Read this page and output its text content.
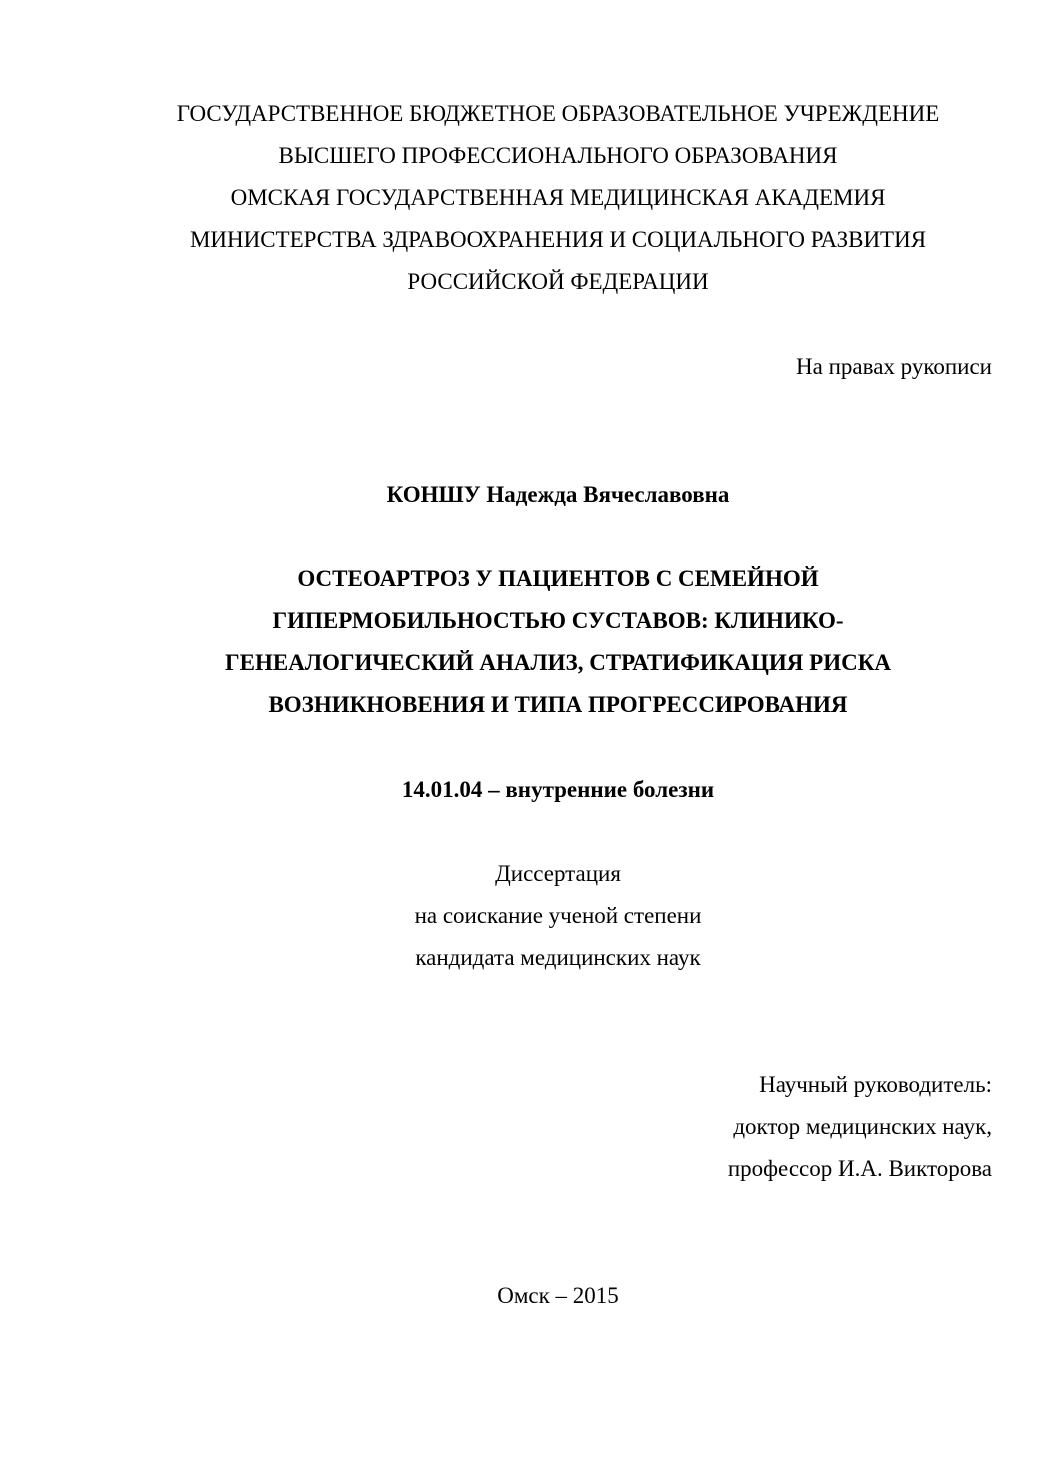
ГОСУДАРСТВЕННОЕ БЮДЖЕТНОЕ ОБРАЗОВАТЕЛЬНОЕ УЧРЕЖДЕНИЕ
ВЫСШЕГО ПРОФЕССИОНАЛЬНОГО ОБРАЗОВАНИЯ
ОМСКАЯ ГОСУДАРСТВЕННАЯ МЕДИЦИНСКАЯ АКАДЕМИЯ
МИНИСТЕРСТВА ЗДРАВООХРАНЕНИЯ И СОЦИАЛЬНОГО РАЗВИТИЯ
РОССИЙСКОЙ ФЕДЕРАЦИИ
На правах рукописи
КОНШУ Надежда Вячеславовна
ОСТЕОАРТРОЗ У ПАЦИЕНТОВ С СЕМЕЙНОЙ
ГИПЕРМОБИЛЬНОСТЬЮ СУСТАВОВ: КЛИНИКО-
ГЕНЕАЛОГИЧЕСКИЙ АНАЛИЗ, СТРАТИФИКАЦИЯ РИСКА
ВОЗНИКНОВЕНИЯ И ТИПА ПРОГРЕССИРОВАНИЯ
14.01.04 – внутренние болезни
Диссертация
на соискание ученой степени
кандидата медицинских наук
Научный руководитель:
доктор медицинских наук,
профессор И.А. Викторова
Омск – 2015
